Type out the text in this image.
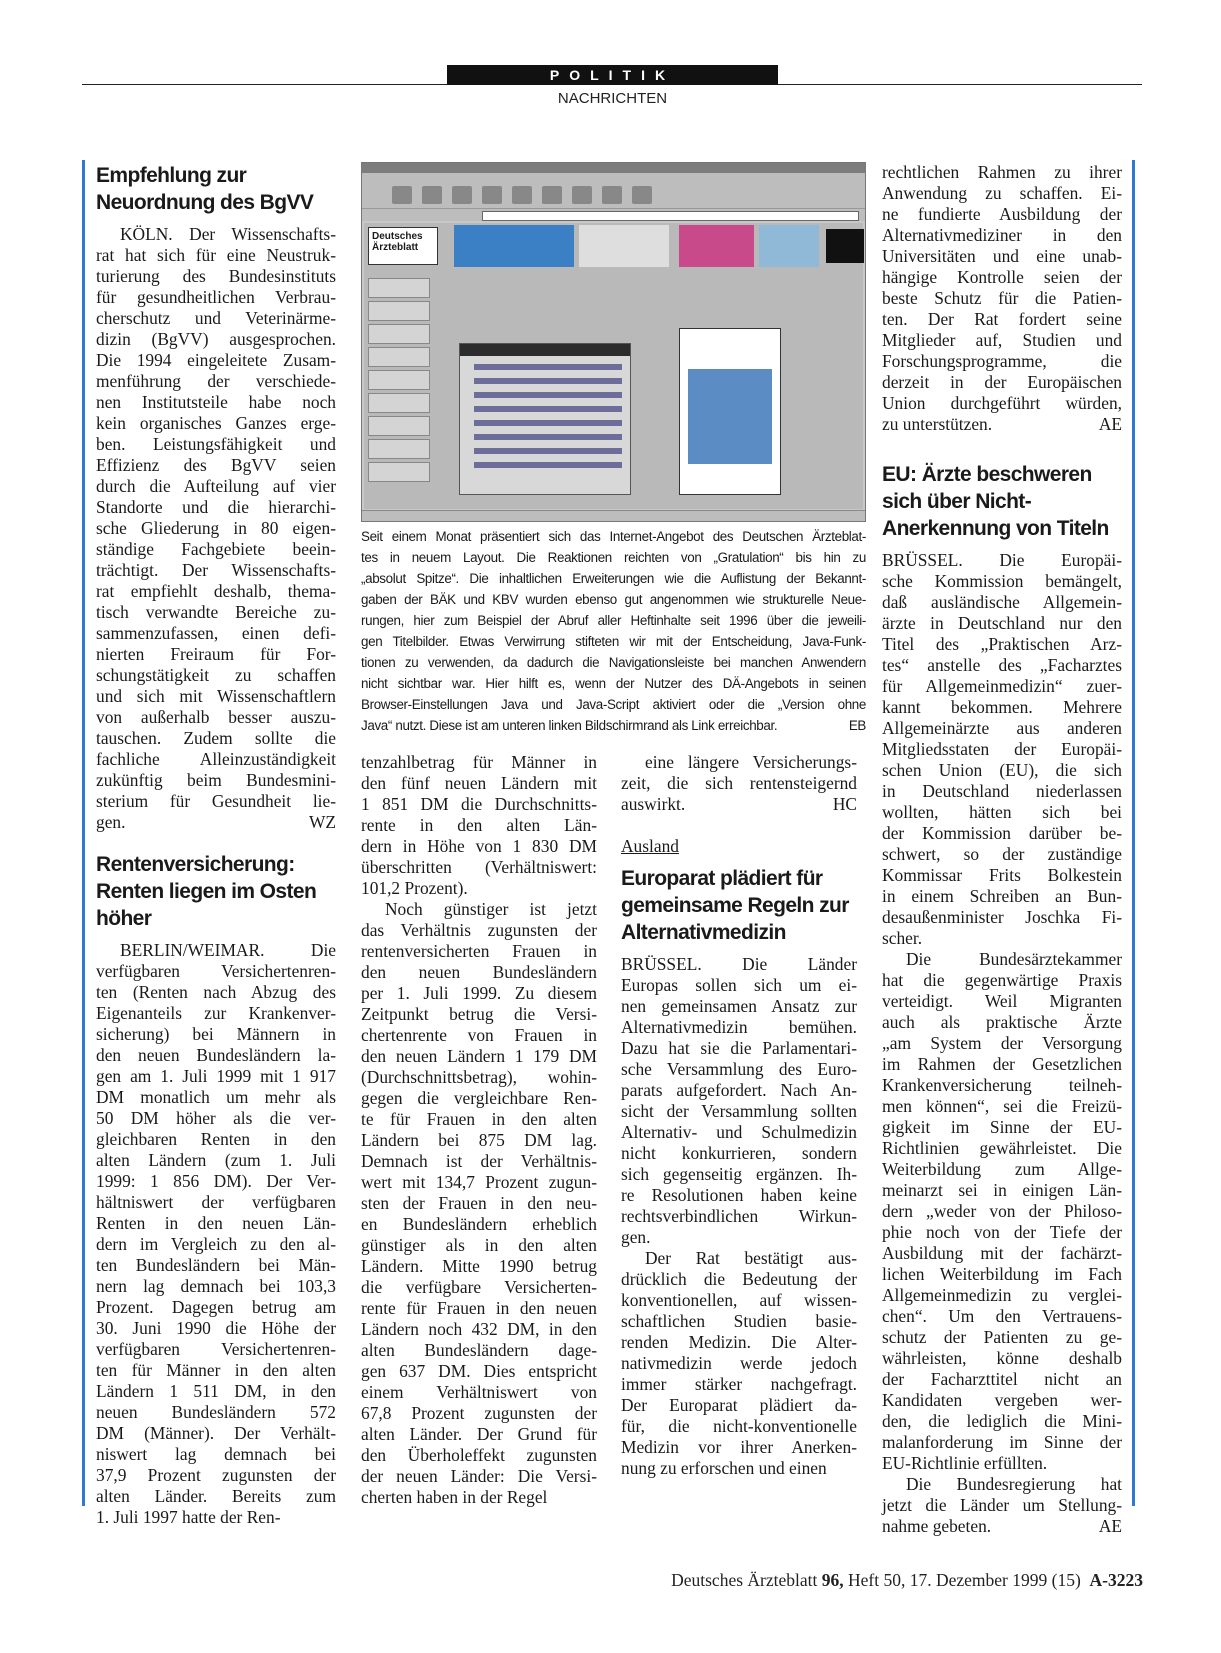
POLITIK
NACHRICHTEN
Empfehlung zur
Neuordnung des BgVV
KÖLN. Der Wissenschafts-
rat hat sich für eine Neustruk-
turierung des Bundesinstituts
für gesundheitlichen Verbrau-
cherschutz und Veterinärme-
dizin (BgVV) ausgesprochen.
Die 1994 eingeleitete Zusam-
menführung der verschiede-
nen Institutsteile habe noch
kein organisches Ganzes erge-
ben. Leistungsfähigkeit und
Effizienz des BgVV seien
durch die Aufteilung auf vier
Standorte und die hierarchi-
sche Gliederung in 80 eigen-
ständige Fachgebiete beein-
trächtigt. Der Wissenschafts-
rat empfiehlt deshalb, thema-
tisch verwandte Bereiche zu-
sammenzufassen, einen defi-
nierten Freiraum für For-
schungstätigkeit zu schaffen
und sich mit Wissenschaftlern
von außerhalb besser auszu-
tauschen. Zudem sollte die
fachliche Alleinzuständigkeit
zukünftig beim Bundesmini-
sterium für Gesundheit lie-
gen.	WZ
Rentenversicherung:
Renten liegen im Osten
höher
BERLIN/WEIMAR. Die
verfügbaren Versichertenren-
ten (Renten nach Abzug des
Eigenanteils zur Krankenver-
sicherung) bei Männern in
den neuen Bundesländern la-
gen am 1. Juli 1999 mit 1 917
DM monatlich um mehr als
50 DM höher als die ver-
gleichbaren Renten in den
alten Ländern (zum 1. Juli
1999: 1 856 DM). Der Ver-
hältniswert der verfügbaren
Renten in den neuen Län-
dern im Vergleich zu den al-
ten Bundesländern bei Män-
nern lag demnach bei 103,3
Prozent. Dagegen betrug am
30. Juni 1990 die Höhe der
verfügbaren Versichertenren-
ten für Männer in den alten
Ländern 1 511 DM, in den
neuen Bundesländern 572
DM (Männer). Der Verhält-
niswert lag demnach bei
37,9 Prozent zugunsten der
alten Länder. Bereits zum
1. Juli 1997 hatte der Ren-
Deutsches Ärzteblatt
Seit einem Monat präsentiert sich das Internet-Angebot des Deutschen Ärzteblat-
tes in neuem Layout. Die Reaktionen reichten von „Gratulation“ bis hin zu
„absolut Spitze“. Die inhaltlichen Erweiterungen wie die Auflistung der Bekannt-
gaben der BÄK und KBV wurden ebenso gut angenommen wie strukturelle Neue-
rungen, hier zum Beispiel der Abruf aller Heftinhalte seit 1996 über die jeweili-
gen Titelbilder. Etwas Verwirrung stifteten wir mit der Entscheidung, Java-Funk-
tionen zu verwenden, da dadurch die Navigationsleiste bei manchen Anwendern
nicht sichtbar war. Hier hilft es, wenn der Nutzer des DÄ-Angebots in seinen
Browser-Einstellungen Java und Java-Script aktiviert oder die „Version ohne
Java“ nutzt. Diese ist am unteren linken Bildschirmrand als Link erreichbar.	EB
tenzahlbetrag für Männer in
den fünf neuen Ländern mit
1 851 DM die Durchschnitts-
rente in den alten Län-
dern in Höhe von 1 830 DM
überschritten (Verhältniswert:
101,2 Prozent).
Noch günstiger ist jetzt
das Verhältnis zugunsten der
rentenversicherten Frauen in
den neuen Bundesländern
per 1. Juli 1999. Zu diesem
Zeitpunkt betrug die Versi-
chertenrente von Frauen in
den neuen Ländern 1 179 DM
(Durchschnittsbetrag), wohin-
gegen die vergleichbare Ren-
te für Frauen in den alten
Ländern bei 875 DM lag.
Demnach ist der Verhältnis-
wert mit 134,7 Prozent zugun-
sten der Frauen in den neu-
en Bundesländern erheblich
günstiger als in den alten
Ländern. Mitte 1990 betrug
die verfügbare Versicherten-
rente für Frauen in den neuen
Ländern noch 432 DM, in den
alten Bundesländern dage-
gen 637 DM. Dies entspricht
einem Verhältniswert von
67,8 Prozent zugunsten der
alten Länder. Der Grund für
den Überholeffekt zugunsten
der neuen Länder: Die Versi-
cherten haben in der Regel
eine längere Versicherungs-
zeit, die sich rentensteigernd
auswirkt.	HC
Ausland
Europarat plädiert für
gemeinsame Regeln zur
Alternativmedizin
BRÜSSEL. Die Länder
Europas sollen sich um ei-
nen gemeinsamen Ansatz zur
Alternativmedizin bemühen.
Dazu hat sie die Parlamentari-
sche Versammlung des Euro-
parats aufgefordert. Nach An-
sicht der Versammlung sollten
Alternativ- und Schulmedizin
nicht konkurrieren, sondern
sich gegenseitig ergänzen. Ih-
re Resolutionen haben keine
rechtsverbindlichen Wirkun-
gen.
Der Rat bestätigt aus-
drücklich die Bedeutung der
konventionellen, auf wissen-
schaftlichen Studien basie-
renden Medizin. Die Alter-
nativmedizin werde jedoch
immer stärker nachgefragt.
Der Europarat plädiert da-
für, die nicht-konventionelle
Medizin vor ihrer Anerken-
nung zu erforschen und einen
rechtlichen Rahmen zu ihrer
Anwendung zu schaffen. Ei-
ne fundierte Ausbildung der
Alternativmediziner in den
Universitäten und eine unab-
hängige Kontrolle seien der
beste Schutz für die Patien-
ten. Der Rat fordert seine
Mitglieder auf, Studien und
Forschungsprogramme, die
derzeit in der Europäischen
Union durchgeführt würden,
zu unterstützen.	AE
EU: Ärzte beschweren
sich über Nicht-
Anerkennung von Titeln
BRÜSSEL. Die Europäi-
sche Kommission bemängelt,
daß ausländische Allgemein-
ärzte in Deutschland nur den
Titel des „Praktischen Arz-
tes“ anstelle des „Facharztes
für Allgemeinmedizin“ zuer-
kannt bekommen. Mehrere
Allgemeinärzte aus anderen
Mitgliedsstaten der Europäi-
schen Union (EU), die sich
in Deutschland niederlassen
wollten, hätten sich bei
der Kommission darüber be-
schwert, so der zuständige
Kommissar Frits Bolkestein
in einem Schreiben an Bun-
desaußenminister Joschka Fi-
scher.
Die Bundesärztekammer
hat die gegenwärtige Praxis
verteidigt. Weil Migranten
auch als praktische Ärzte
„am System der Versorgung
im Rahmen der Gesetzlichen
Krankenversicherung teilneh-
men können“, sei die Freizü-
gigkeit im Sinne der EU-
Richtlinien gewährleistet. Die
Weiterbildung zum Allge-
meinarzt sei in einigen Län-
dern „weder von der Philoso-
phie noch von der Tiefe der
Ausbildung mit der fachärzt-
lichen Weiterbildung im Fach
Allgemeinmedizin zu verglei-
chen“. Um den Vertrauens-
schutz der Patienten zu ge-
währleisten, könne deshalb
der Facharzttitel nicht an
Kandidaten vergeben wer-
den, die lediglich die Mini-
malanforderung im Sinne der
EU-Richtlinie erfüllten.
Die Bundesregierung hat
jetzt die Länder um Stellung-
nahme gebeten.	AE
Deutsches Ärzteblatt 96, Heft 50, 17. Dezember 1999 (15) A-3223
